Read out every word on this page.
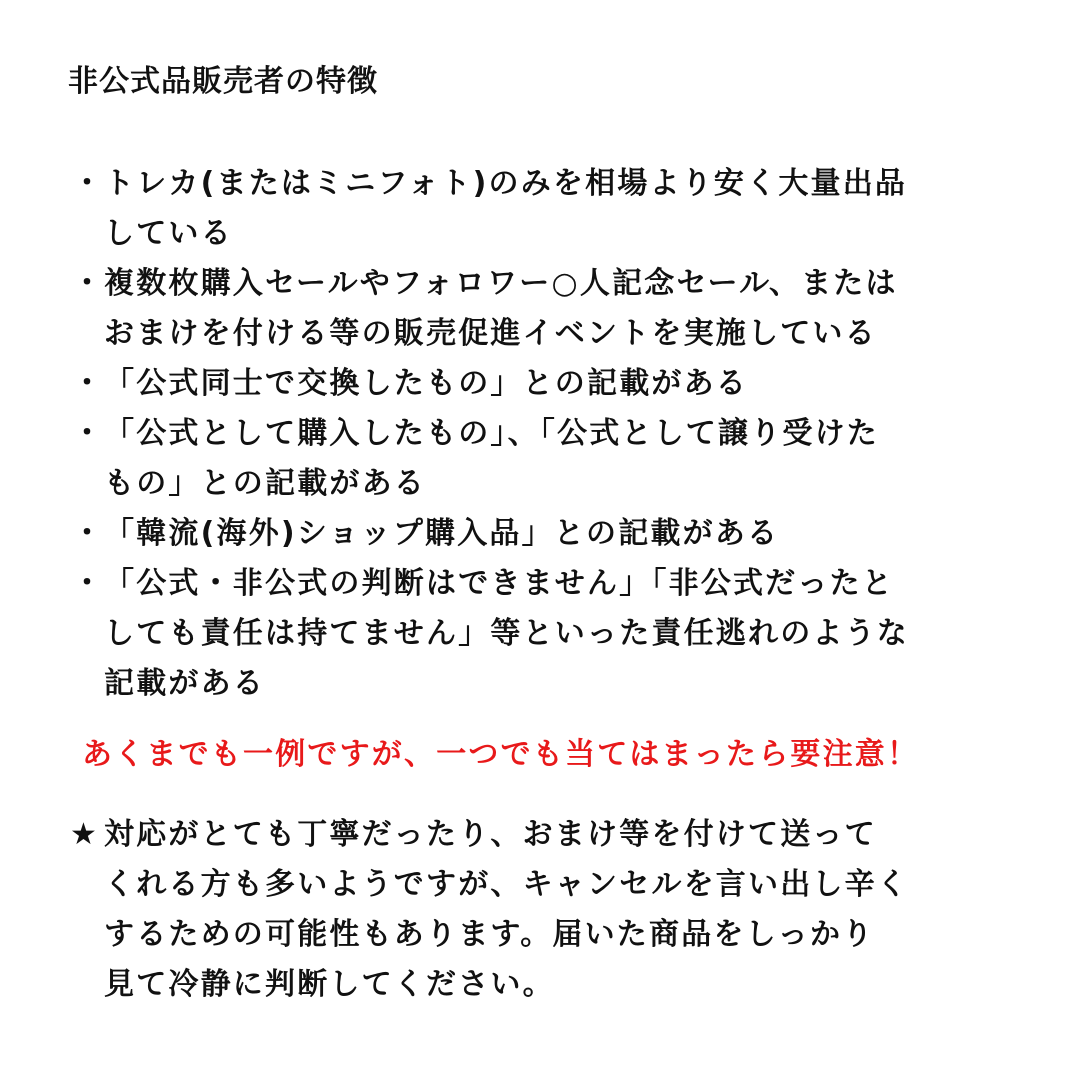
非公式品販売者の特徴
・ トレカ(またはミニフォト)のみを相場より安く大量出品
している
・ 複数枚購入セールやフォロワー○人記念セール、または
おまけを付ける等の販売促進イベントを実施している
・ 「公式同士で交換したもの」との記載がある
・ 「公式として購入したもの」、「公式として譲り受けた
もの」との記載がある
・ 「韓流(海外)ショップ購入品」との記載がある
・ 「公式・非公式の判断はできません」「非公式だったと
しても責任は持てません」等といった責任逃れのような
記載がある
あくまでも一例ですが、一つでも当てはまったら要注意！
★ 対応がとても丁寧だったり、おまけ等を付けて送って
くれる方も多いようですが、キャンセルを言い出し辛く
するための可能性もあります。届いた商品をしっかり
見て冷静に判断してください。
